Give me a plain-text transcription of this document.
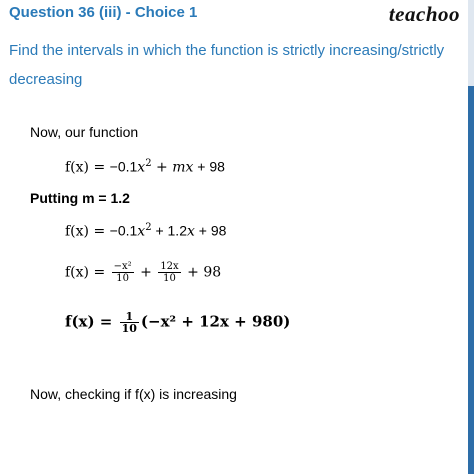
Question 36 (iii) - Choice 1	teachoo
Find the intervals in which the function is strictly increasing/strictly decreasing
Now, our function
$f(x) = -0.1x^2$ + mx + 98
Putting m = 1.2
$f(x) = -0.1x^2 + 1.2x + 98$
$f(x) = \frac{\text{−x²}}{10} + \frac{12x}{10} + 98$
$f(x) = \frac{1}{10} (-x^2 + 12x + 980)$
Now, checking if f(x) is increasing
